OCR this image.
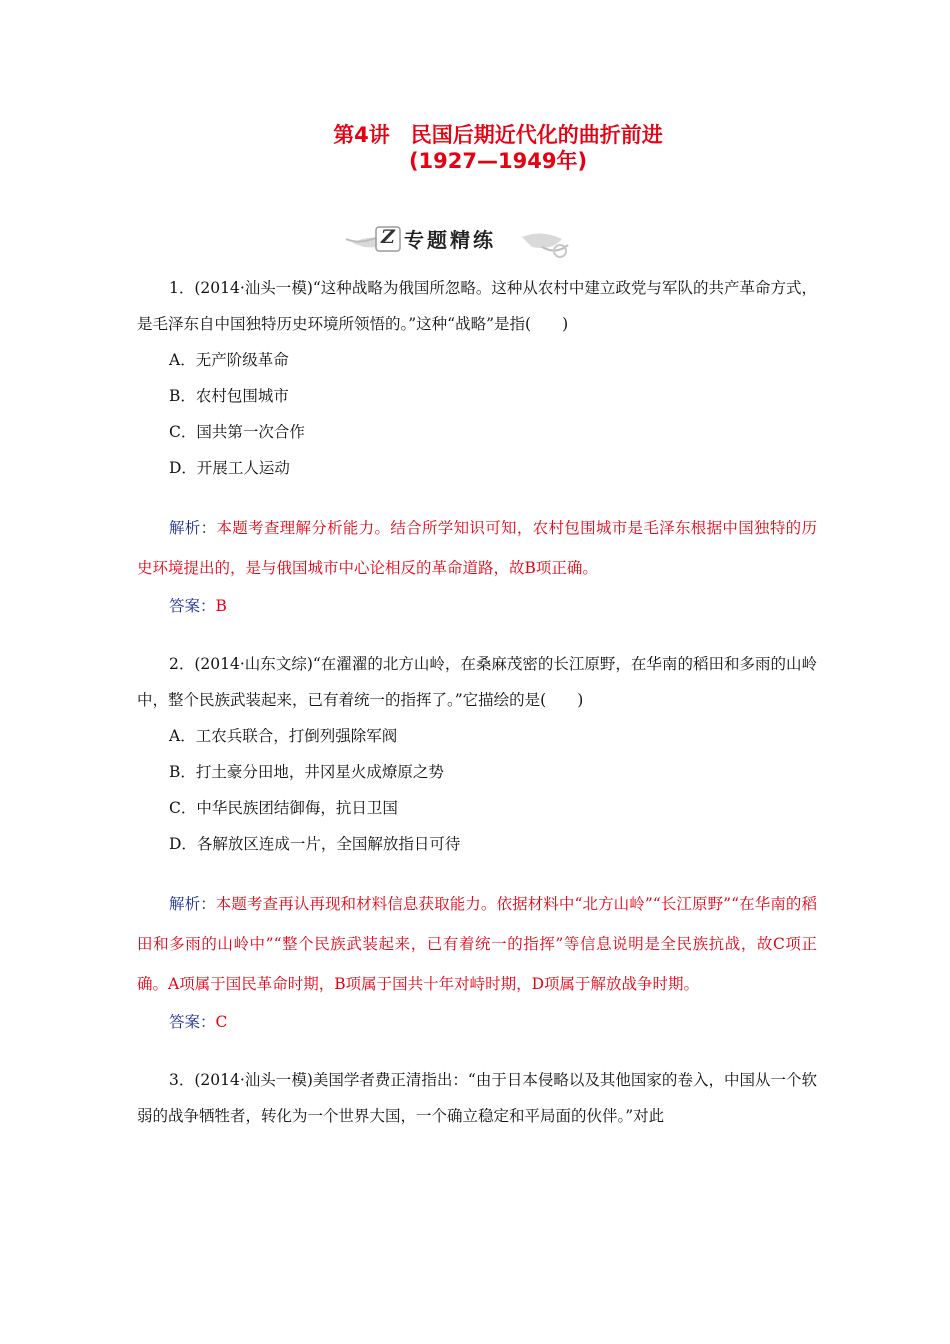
第4讲　民国后期近代化的曲折前进
(1927—1949年)
Z 专题精练

1．(2014·汕头一模)“这种战略为俄国所忽略。这种从农村中建立政党与军队的共产革命方式，是毛泽东自中国独特历史环境所领悟的。”这种“战略”是指(　　)

A．无产阶级革命

B．农村包围城市

C．国共第一次合作

D．开展工人运动

解析：本题考查理解分析能力。结合所学知识可知，农村包围城市是毛泽东根据中国独特的历史环境提出的，是与俄国城市中心论相反的革命道路，故B项正确。

答案：B

2．(2014·山东文综)“在濯濯的北方山岭，在桑麻茂密的长江原野，在华南的稻田和多雨的山岭中，整个民族武装起来，已有着统一的指挥了。”它描绘的是(　　)

A．工农兵联合，打倒列强除军阀

B．打土豪分田地，井冈星火成燎原之势

C．中华民族团结御侮，抗日卫国

D．各解放区连成一片，全国解放指日可待

解析：本题考查再认再现和材料信息获取能力。依据材料中“北方山岭”“长江原野”“在华南的稻田和多雨的山岭中”“整个民族武装起来，已有着统一的指挥”等信息说明是全民族抗战，故C项正确。A项属于国民革命时期，B项属于国共十年对峙时期，D项属于解放战争时期。

答案：C

3．(2014·汕头一模)美国学者费正清指出：“由于日本侵略以及其他国家的卷入，中国从一个软弱的战争牺牲者，转化为一个世界大国，一个确立稳定和平局面的伙伴。”对此
